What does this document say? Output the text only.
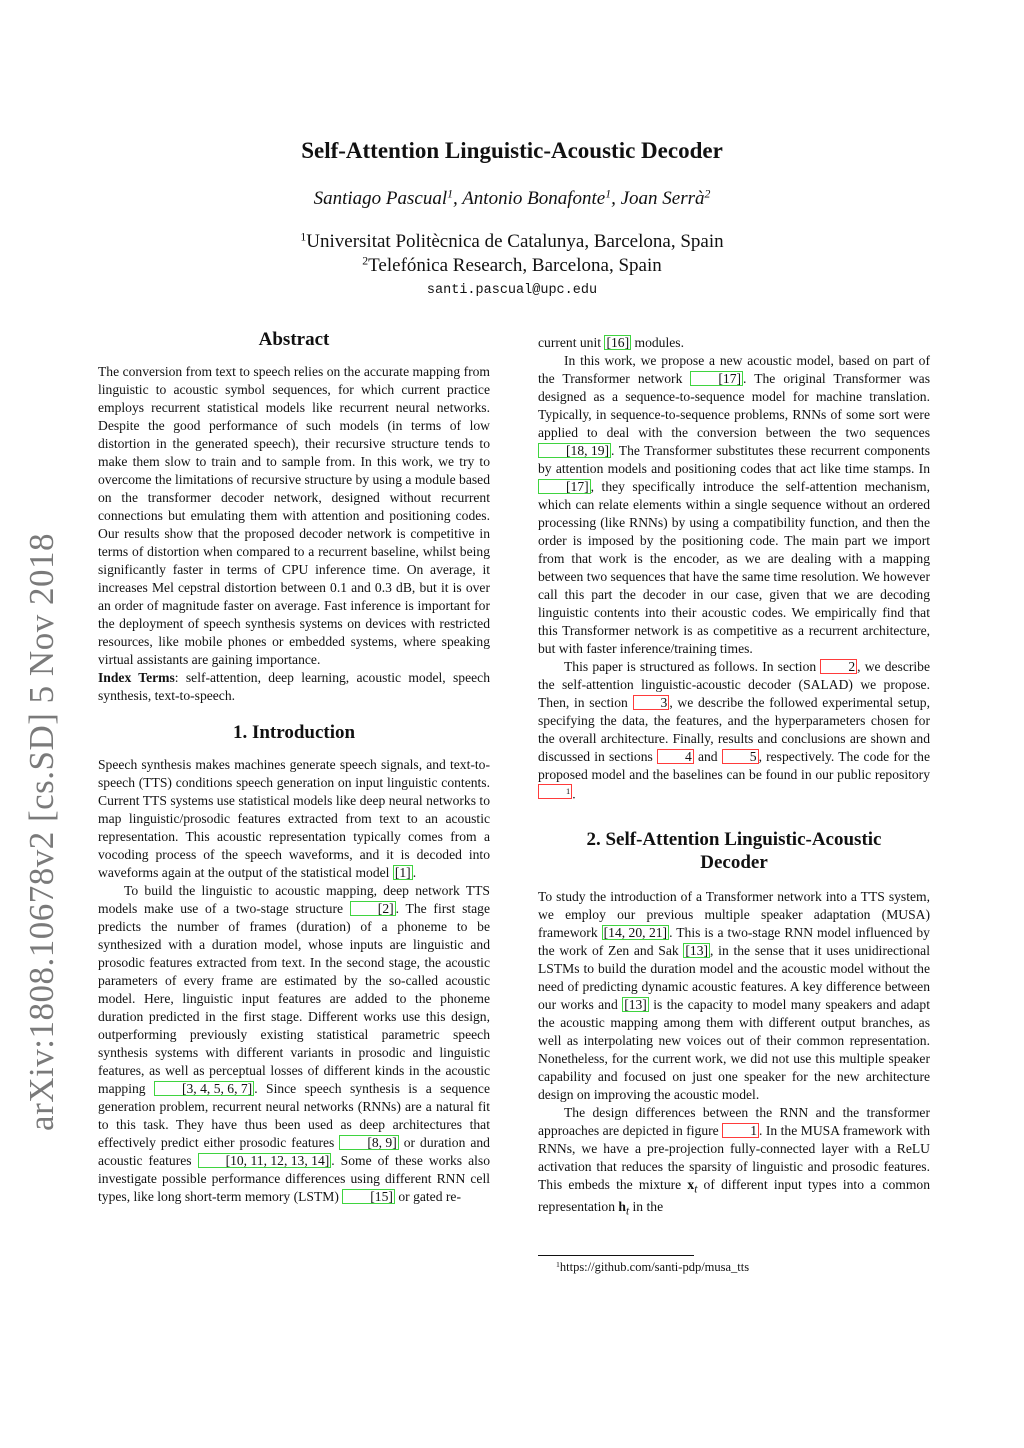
arXiv:1808.10678v2 [cs.SD] 5 Nov 2018
Self-Attention Linguistic-Acoustic Decoder
Santiago Pascual$^1$, Antonio Bonafonte$^1$, Joan Serrà$^2$
$^1$Universitat Politècnica de Catalunya, Barcelona, Spain
$^2$Telefónica Research, Barcelona, Spain
santi.pascual@upc.edu
Abstract

The conversion from text to speech relies on the accurate mapping from linguistic to acoustic symbol sequences, for which current practice employs recurrent statistical models like recurrent neural networks. Despite the good performance of such models (in terms of low distortion in the generated speech), their recursive structure tends to make them slow to train and to sample from. In this work, we try to overcome the limitations of recursive structure by using a module based on the transformer decoder network, designed without recurrent connections but emulating them with attention and positioning codes. Our results show that the proposed decoder network is competitive in terms of distortion when compared to a recurrent baseline, whilst being significantly faster in terms of CPU inference time. On average, it increases Mel cepstral distortion between 0.1 and 0.3 dB, but it is over an order of magnitude faster on average. Fast inference is important for the deployment of speech synthesis systems on devices with restricted resources, like mobile phones or embedded systems, where speaking virtual assistants are gaining importance.

Index Terms: self-attention, deep learning, acoustic model, speech synthesis, text-to-speech.

1. Introduction

Speech synthesis makes machines generate speech signals, and text-to-speech (TTS) conditions speech generation on input linguistic contents. Current TTS systems use statistical models like deep neural networks to map linguistic/prosodic features extracted from text to an acoustic representation. This acoustic representation typically comes from a vocoding process of the speech waveforms, and it is decoded into waveforms again at the output of the statistical model [1] .

To build the linguistic to acoustic mapping, deep network TTS models make use of a two-stage structure	[2] . The first stage predicts the number of frames (duration) of a phoneme to be synthesized with a duration model, whose inputs are linguistic and prosodic features extracted from text. In the second stage, the acoustic parameters of every frame are estimated by the so-called acoustic model. Here, linguistic input features are added to the phoneme duration predicted in the first stage. Different works use this design, outperforming previously existing statistical parametric speech synthesis systems with different variants in prosodic and linguistic features, as well as perceptual losses of different kinds in the acoustic mapping	[3, 4, 5, 6, 7] . Since speech synthesis is a sequence generation problem, recurrent neural networks (RNNs) are a natural fit to this task. They have thus been used as deep architectures that effectively predict either prosodic features [8, 9] or duration and acoustic features	[10, 11, 12, 13, 14] . Some of these works also investigate possible performance differences using different RNN cell types, like long short-term memory (LSTM) [15] or gated re-

current unit [16] modules.

In this work, we propose a new acoustic model, based on part of the Transformer network	[17] . The original Transformer was designed as a sequence-to-sequence model for machine translation. Typically, in sequence-to-sequence problems, RNNs of some sort were applied to deal with the conversion between the two sequences [18, 19] . The Transformer substitutes these recurrent components by attention models and positioning codes that act like time stamps. In [17] , they specifically introduce the self-attention mechanism, which can relate elements within a single sequence without an ordered processing (like RNNs) by using a compatibility function, and then the order is imposed by the positioning code. The main part we import from that work is the encoder, as we are dealing with a mapping between two sequences that have the same time resolution. We however call this part the decoder in our case, given that we are decoding linguistic contents into their acoustic codes. We empirically find that this Transformer network is as competitive as a recurrent architecture, but with faster inference/training times.

This paper is structured as follows. In section 2 , we describe the self-attention linguistic-acoustic decoder (SALAD) we propose. Then, in section 3 , we describe the followed experimental setup, specifying the data, the features, and the hyperparameters chosen for the overall architecture. Finally, results and conclusions are shown and discussed in sections 4 and 5 , respectively. The code for the proposed model and the baselines can be found in our public repository $^1$ .

2. Self-Attention Linguistic-Acoustic
Decoder

To study the introduction of a Transformer network into a TTS system, we employ our previous multiple speaker adaptation (MUSA) framework [14, 20, 21] . This is a two-stage RNN model influenced by the work of Zen and Sak [13] , in the sense that it uses unidirectional LSTMs to build the duration model and the acoustic model without the need of predicting dynamic acoustic features. A key difference between our works and [13] is the capacity to model many speakers and adapt the acoustic mapping among them with different output branches, as well as interpolating new voices out of their common representation. Nonetheless, for the current work, we did not use this multiple speaker capability and focused on just one speaker for the new architecture design on improving the acoustic model.

The design differences between the RNN and the transformer approaches are depicted in figure 1 . In the MUSA framework with RNNs, we have a pre-projection fully-connected layer with a ReLU activation that reduces the sparsity of linguistic and prosodic features. This embeds the mixture $x_t$ of different input types into a common representation $h_t$ in the

$^1$https://github.com/santi-pdp/musa_tts
